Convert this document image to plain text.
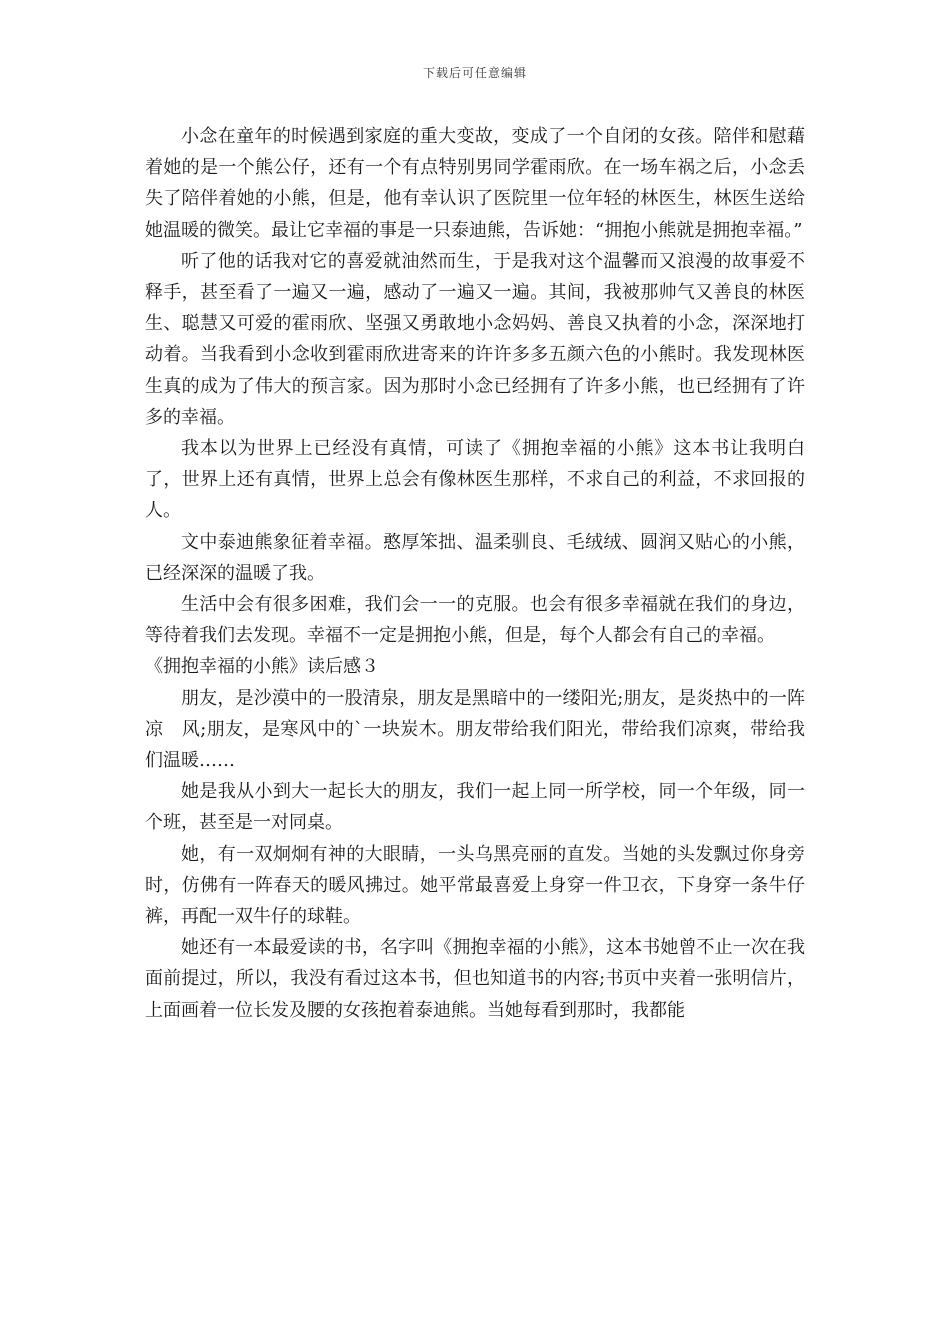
下载后可任意编辑

小念在童年的时候遇到家庭的重大变故，变成了一个自闭的女孩。陪伴和慰藉着她的是一个熊公仔，还有一个有点特别男同学霍雨欣。在一场车祸之后，小念丢失了陪伴着她的小熊，但是，他有幸认识了医院里一位年轻的林医生，林医生送给她温暖的微笑。最让它幸福的事是一只泰迪熊，告诉她：“拥抱小熊就是拥抱幸福。”

听了他的话我对它的喜爱就油然而生，于是我对这个温馨而又浪漫的故事爱不释手，甚至看了一遍又一遍，感动了一遍又一遍。其间，我被那帅气又善良的林医生、聪慧又可爱的霍雨欣、坚强又勇敢地小念妈妈、善良又执着的小念，深深地打动着。当我看到小念收到霍雨欣进寄来的许许多多五颜六色的小熊时。我发现林医生真的成为了伟大的预言家。因为那时小念已经拥有了许多小熊，也已经拥有了许多的幸福。

我本以为世界上已经没有真情，可读了《拥抱幸福的小熊》这本书让我明白了，世界上还有真情，世界上总会有像林医生那样，不求自己的利益，不求回报的人。

文中泰迪熊象征着幸福。憨厚笨拙、温柔驯良、毛绒绒、圆润又贴心的小熊，已经深深的温暖了我。

生活中会有很多困难，我们会一一的克服。也会有很多幸福就在我们的身边，等待着我们去发现。幸福不一定是拥抱小熊，但是，每个人都会有自己的幸福。

《拥抱幸福的小熊》读后感３

朋友，是沙漠中的一股清泉，朋友是黑暗中的一缕阳光;朋友，是炎热中的一阵　凉　风;朋友，是寒风中的`一块炭木。朋友带给我们阳光，带给我们凉爽，带给我们温暖……

她是我从小到大一起长大的朋友，我们一起上同一所学校，同一个年级，同一个班，甚至是一对同桌。

她，有一双炯炯有神的大眼睛，一头乌黑亮丽的直发。当她的头发飘过你身旁时，仿佛有一阵春天的暖风拂过。她平常最喜爱上身穿一件卫衣，下身穿一条牛仔裤，再配一双牛仔的球鞋。

她还有一本最爱读的书，名字叫《拥抱幸福的小熊》，这本书她曾不止一次在我面前提过，所以，我没有看过这本书，但也知道书的内容;书页中夹着一张明信片，上面画着一位长发及腰的女孩抱着泰迪熊。当她每看到那时，我都能
